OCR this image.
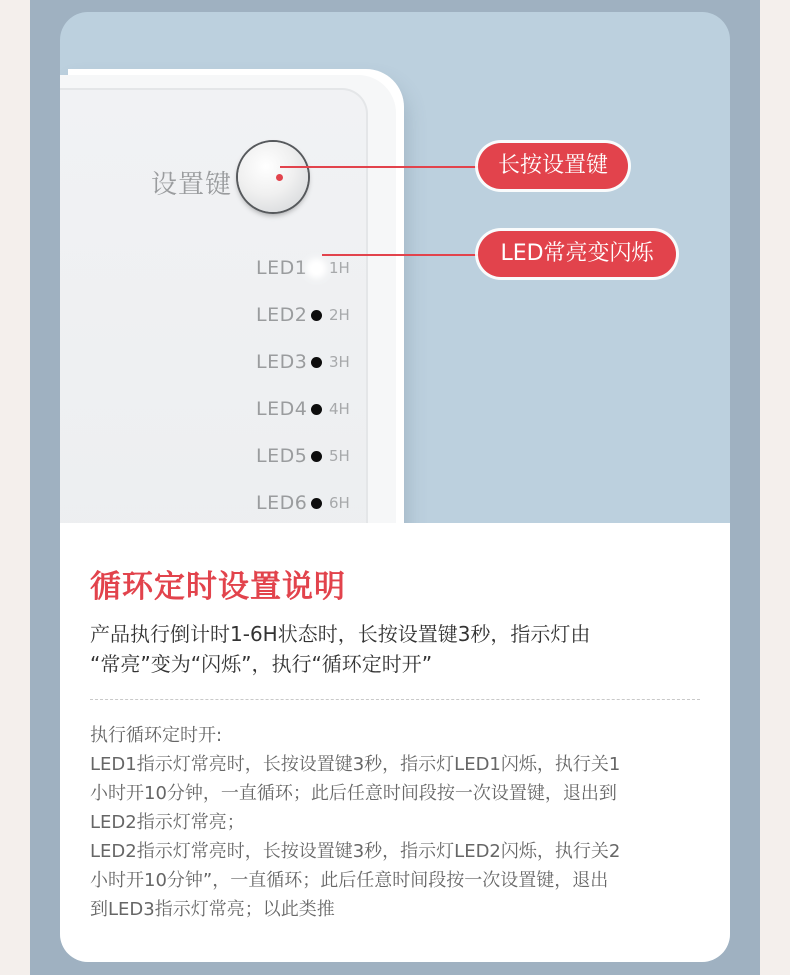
设置键
LED1 1H
LED2 2H
LED3 3H
LED4 4H
LED5 5H
LED6 6H
长按设置键
LED常亮变闪烁
循环定时设置说明
产品执行倒计时1-6H状态时，长按设置键3秒，指示灯由
“常亮”变为“闪烁”，执行“循环定时开”

执行循环定时开:

LED1指示灯常亮时，长按设置键3秒，指示灯LED1闪烁，执行关1

小时开10分钟，一直循环；此后任意时间段按一次设置键，退出到

LED2指示灯常亮；

LED2指示灯常亮时，长按设置键3秒，指示灯LED2闪烁，执行关2

小时开10分钟”，一直循环；此后任意时间段按一次设置键，退出

到LED3指示灯常亮；以此类推
